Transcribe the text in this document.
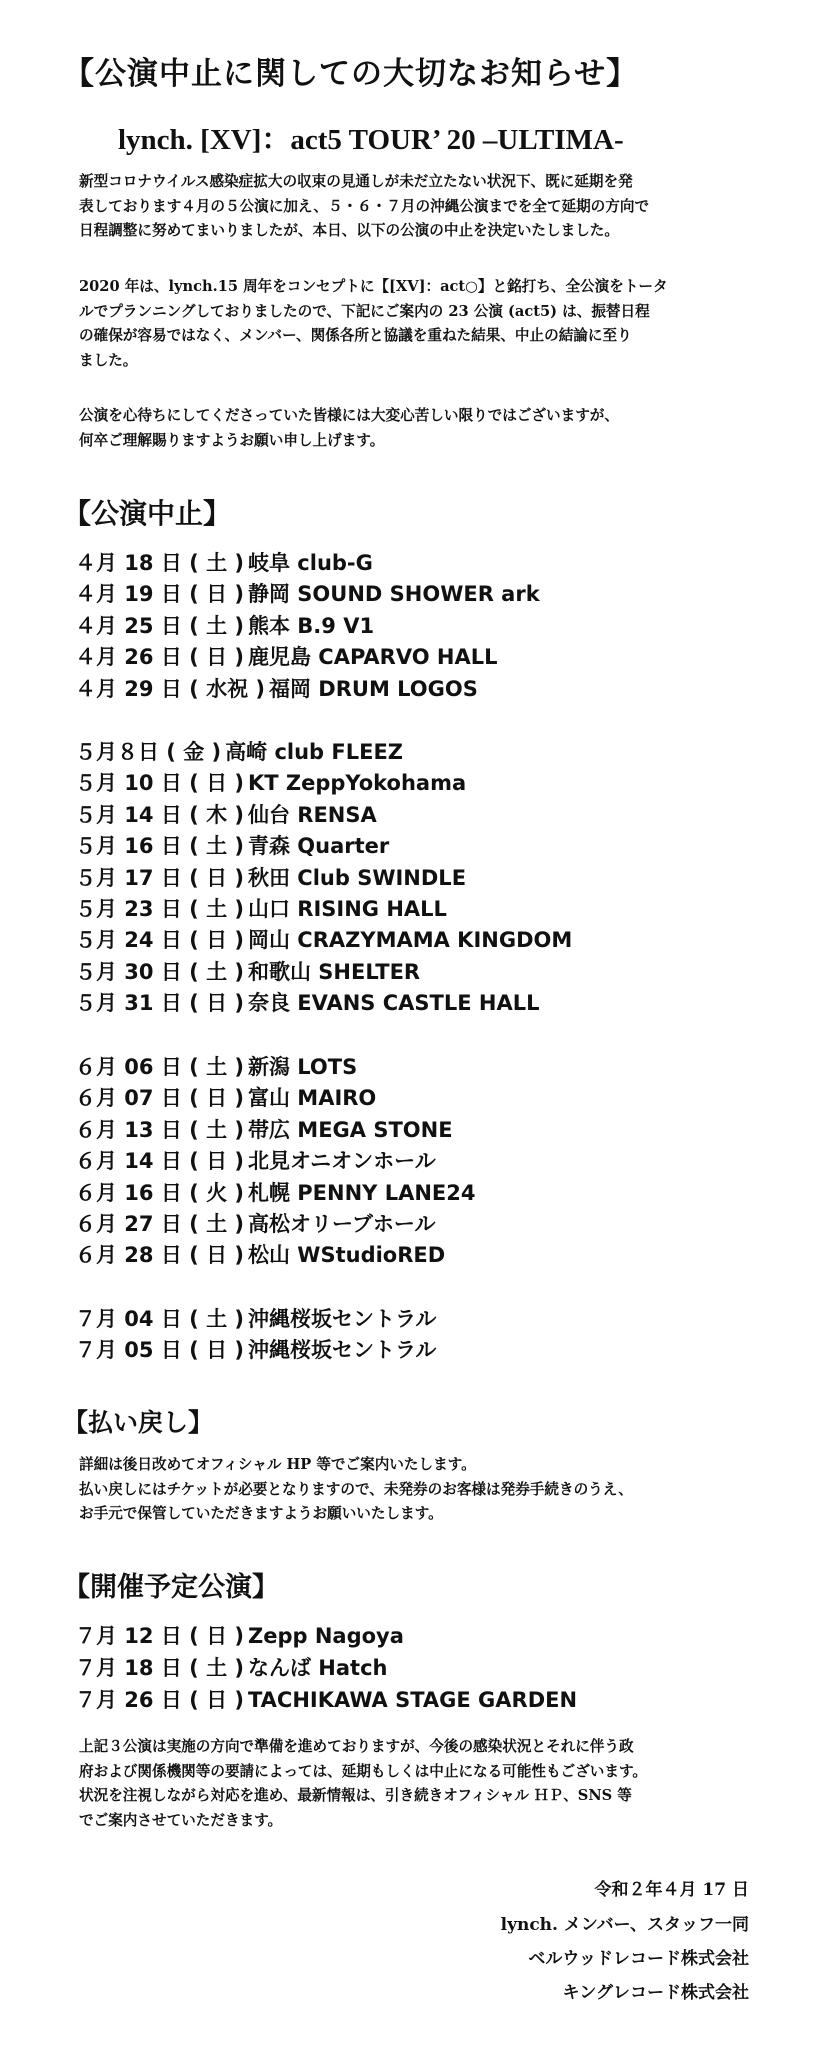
【公演中止に関しての大切なお知らせ】
lynch. [XV]：act5 TOUR’ 20 –ULTIMA-
新型コロナウイルス感染症拡大の収束の見通しが未だ立たない状況下、既に延期を発
表しております４月の５公演に加え、５・６・７月の沖縄公演までを全て延期の方向で
日程調整に努めてまいりましたが、本日、以下の公演の中止を決定いたしました。
2020 年は、lynch.15 周年をコンセプトに【[XV]：act○】と銘打ち、全公演をトータ
ルでプランニングしておりましたので、下記にご案内の 23 公演 (act5) は、振替日程
の確保が容易ではなく、メンバー、関係各所と協議を重ねた結果、中止の結論に至り
ました。
公演を心待ちにしてくださっていた皆様には大変心苦しい限りではございますが、
何卒ご理解賜りますようお願い申し上げます。
【公演中止】
４月 18 日 ( 土 ) 岐阜 club-G
４月 19 日 ( 日 ) 静岡 SOUND SHOWER ark
４月 25 日 ( 土 ) 熊本 B.9 V1
４月 26 日 ( 日 ) 鹿児島 CAPARVO HALL
４月 29 日 ( 水祝 ) 福岡 DRUM LOGOS
５月８日 ( 金 ) 高崎 club FLEEZ
５月 10 日 ( 日 ) KT ZeppYokohama
５月 14 日 ( 木 ) 仙台 RENSA
５月 16 日 ( 土 ) 青森 Quarter
５月 17 日 ( 日 ) 秋田 Club SWINDLE
５月 23 日 ( 土 ) 山口 RISING HALL
５月 24 日 ( 日 ) 岡山 CRAZYMAMA KINGDOM
５月 30 日 ( 土 ) 和歌山 SHELTER
５月 31 日 ( 日 ) 奈良 EVANS CASTLE HALL
６月 06 日 ( 土 ) 新潟 LOTS
６月 07 日 ( 日 ) 富山 MAIRO
６月 13 日 ( 土 ) 帯広 MEGA STONE
６月 14 日 ( 日 ) 北見オニオンホール
６月 16 日 ( 火 ) 札幌 PENNY LANE24
６月 27 日 ( 土 ) 高松オリーブホール
６月 28 日 ( 日 ) 松山 WStudioRED
７月 04 日 ( 土 ) 沖縄桜坂セントラル
７月 05 日 ( 日 ) 沖縄桜坂セントラル
【払い戻し】
詳細は後日改めてオフィシャル HP 等でご案内いたします。
払い戻しにはチケットが必要となりますので、未発券のお客様は発券手続きのうえ、
お手元で保管していただきますようお願いいたします。
【開催予定公演】
７月 12 日 ( 日 ) Zepp Nagoya
７月 18 日 ( 土 ) なんば Hatch
７月 26 日 ( 日 ) TACHIKAWA STAGE GARDEN
上記３公演は実施の方向で準備を進めておりますが、今後の感染状況とそれに伴う政
府および関係機関等の要請によっては、延期もしくは中止になる可能性もございます。
状況を注視しながら対応を進め、最新情報は、引き続きオフィシャル ＨＰ、SNS 等
でご案内させていただきます。
令和２年４月 17 日
lynch. メンバー、スタッフ一同
ベルウッドレコード株式会社
キングレコード株式会社
